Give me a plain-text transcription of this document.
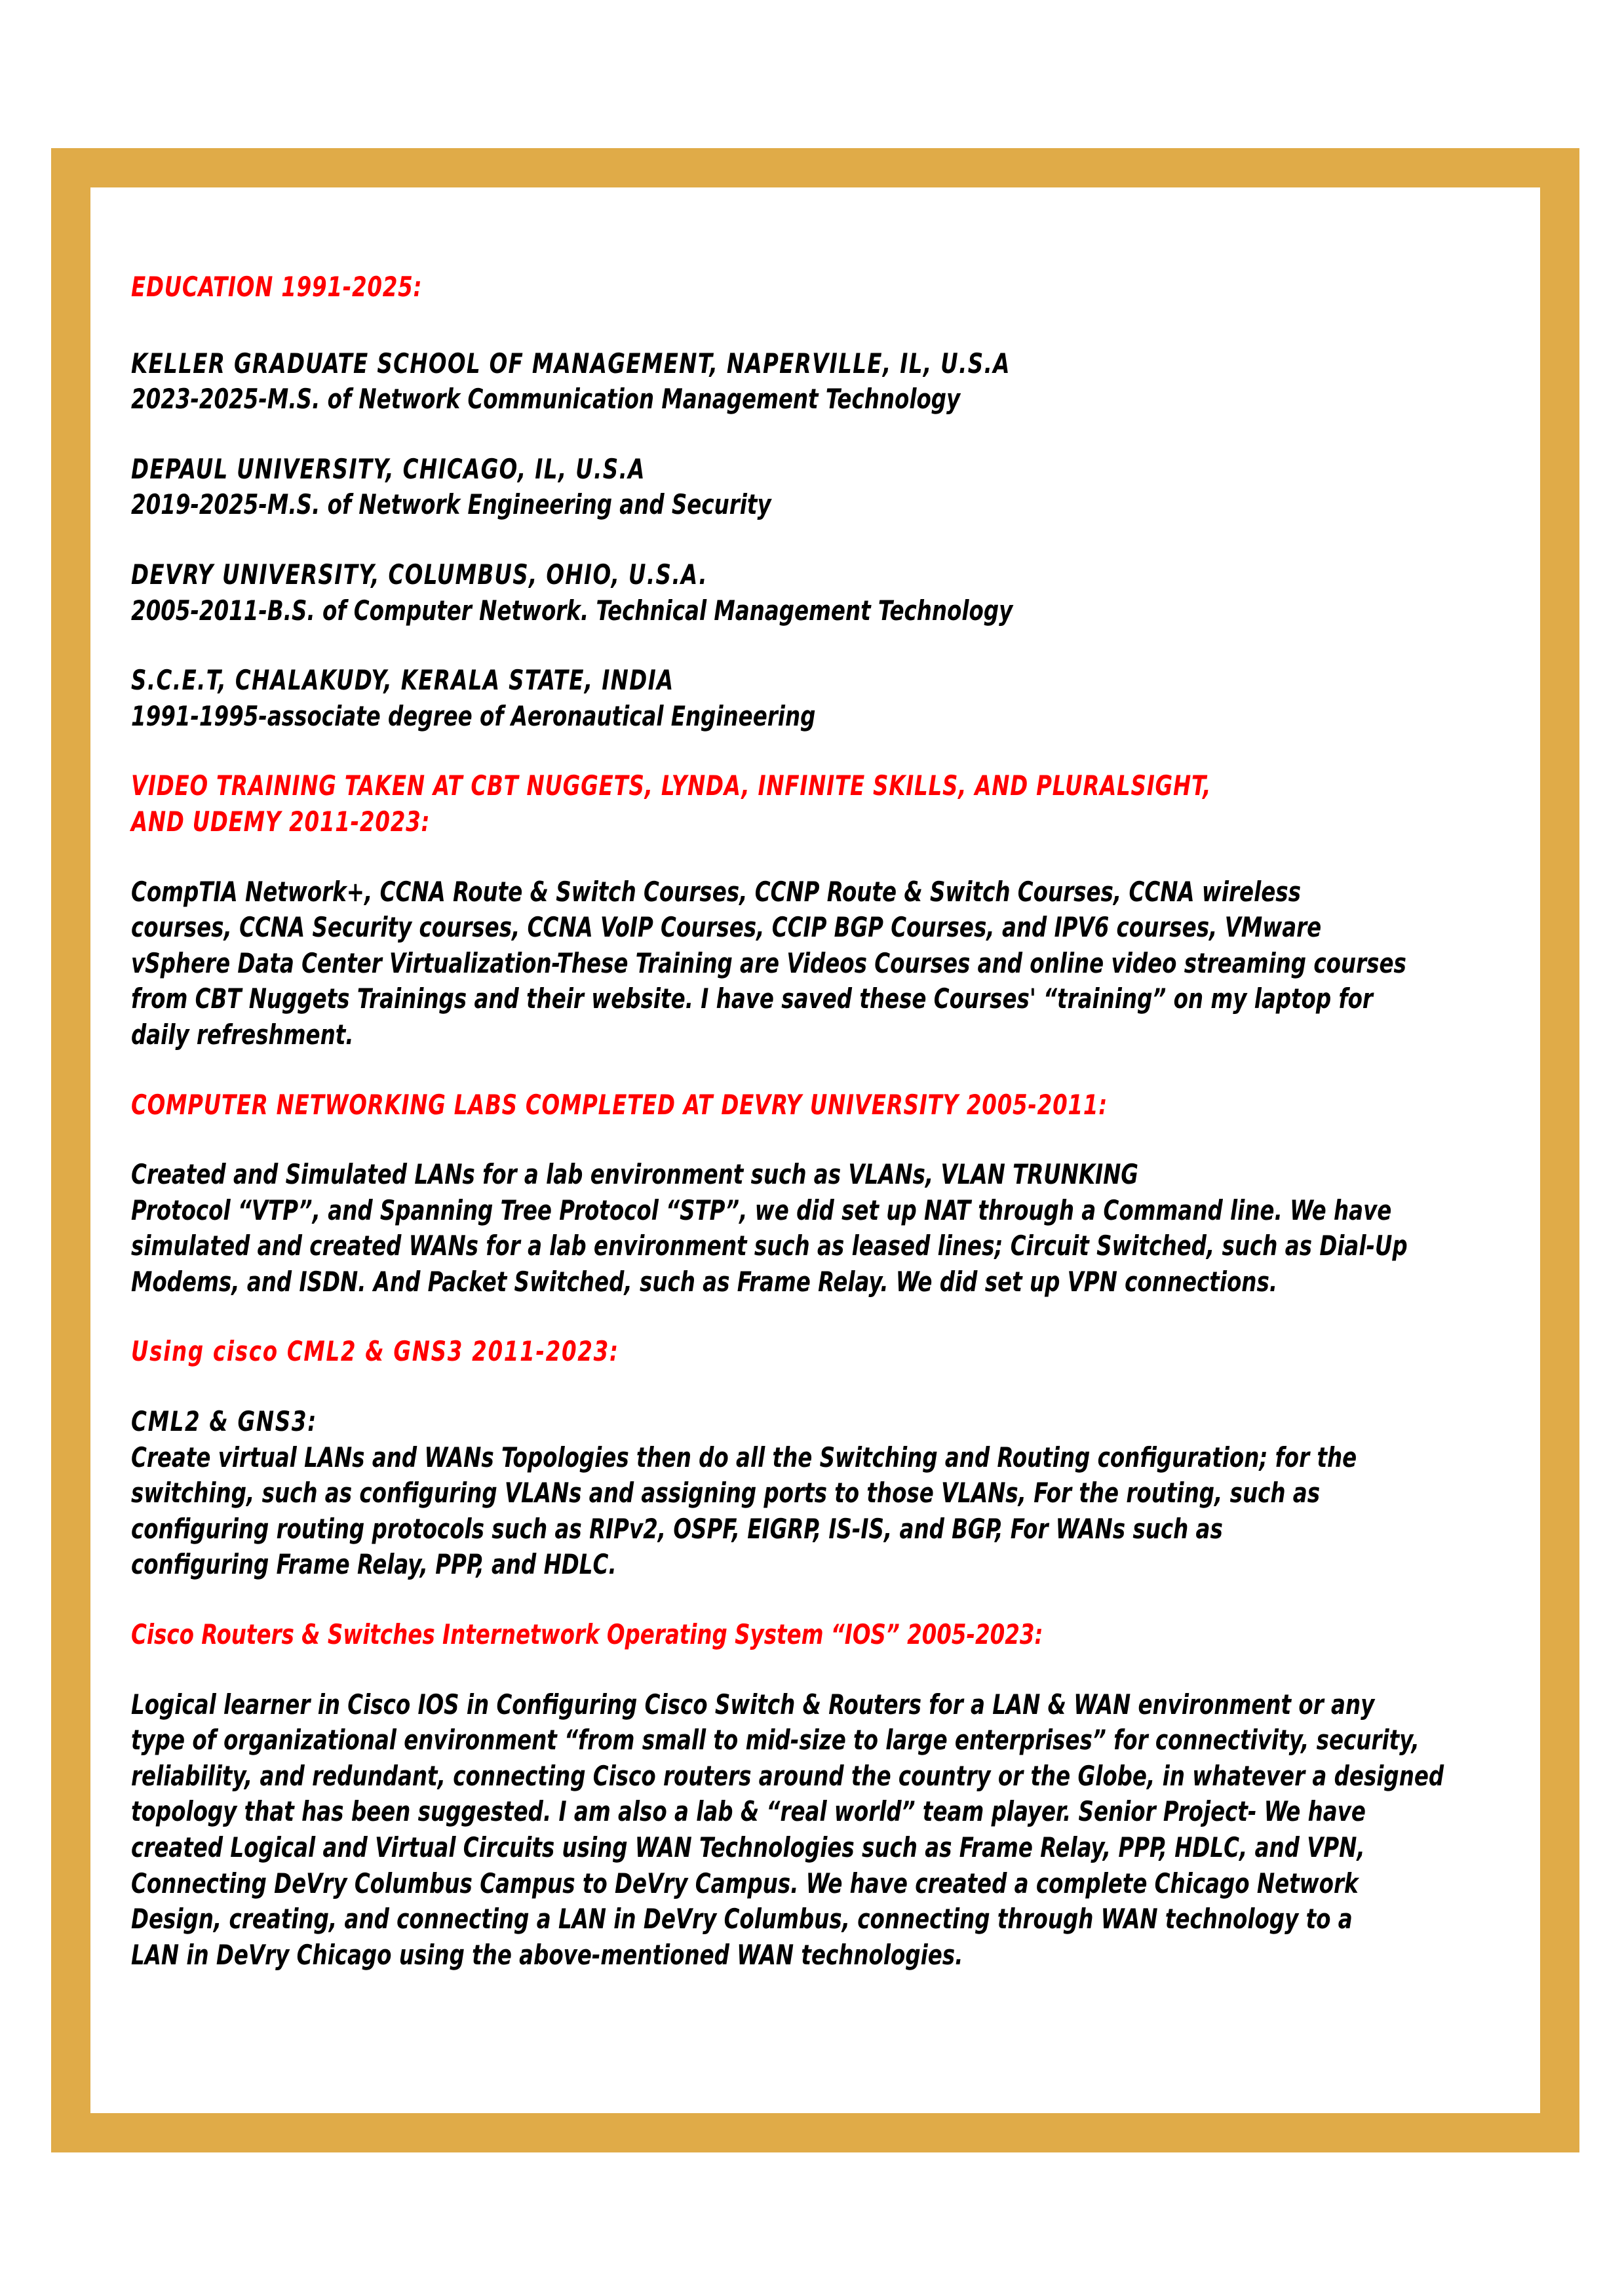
EDUCATION 1991-2025:
KELLER GRADUATE SCHOOL OF MANAGEMENT, NAPERVILLE, IL, U.S.A
2023-2025-M.S. of Network Communication Management Technology
DEPAUL UNIVERSITY, CHICAGO, IL, U.S.A
2019-2025-M.S. of Network Engineering and Security
DEVRY UNIVERSITY, COLUMBUS, OHIO, U.S.A.
2005-2011-B.S. of Computer Network. Technical Management Technology
S.C.E.T, CHALAKUDY, KERALA STATE, INDIA
1991-1995-associate degree of Aeronautical Engineering
VIDEO TRAINING TAKEN AT CBT NUGGETS, LYNDA, INFINITE SKILLS, AND PLURALSIGHT,
AND UDEMY 2011-2023:
CompTIA Network+, CCNA Route & Switch Courses, CCNP Route & Switch Courses, CCNA wireless
courses, CCNA Security courses, CCNA VoIP Courses, CCIP BGP Courses, and IPV6 courses, VMware
vSphere Data Center Virtualization-These Training are Videos Courses and online video streaming courses
from CBT Nuggets Trainings and their website. I have saved these Courses' “training” on my laptop for
daily refreshment.
COMPUTER NETWORKING LABS COMPLETED AT DEVRY UNIVERSITY 2005-2011:
Created and Simulated LANs for a lab environment such as VLANs, VLAN TRUNKING
Protocol “VTP”, and Spanning Tree Protocol “STP”, we did set up NAT through a Command line. We have
simulated and created WANs for a lab environment such as leased lines; Circuit Switched, such as Dial-Up
Modems, and ISDN. And Packet Switched, such as Frame Relay. We did set up VPN connections.
Using cisco CML2 & GNS3 2011-2023:
CML2 & GNS3:
Create virtual LANs and WANs Topologies then do all the Switching and Routing configuration; for the
switching, such as configuring VLANs and assigning ports to those VLANs, For the routing, such as
configuring routing protocols such as RIPv2, OSPF, EIGRP, IS-IS, and BGP, For WANs such as
configuring Frame Relay, PPP, and HDLC.
Cisco Routers & Switches Internetwork Operating System “IOS” 2005-2023:
Logical learner in Cisco IOS in Configuring Cisco Switch & Routers for a LAN & WAN environment or any
type of organizational environment “from small to mid-size to large enterprises” for connectivity, security,
reliability, and redundant, connecting Cisco routers around the country or the Globe, in whatever a designed
topology that has been suggested. I am also a lab & “real world” team player. Senior Project- We have
created Logical and Virtual Circuits using WAN Technologies such as Frame Relay, PPP, HDLC, and VPN,
Connecting DeVry Columbus Campus to DeVry Campus. We have created a complete Chicago Network
Design, creating, and connecting a LAN in DeVry Columbus, connecting through WAN technology to a
LAN in DeVry Chicago using the above-mentioned WAN technologies.
